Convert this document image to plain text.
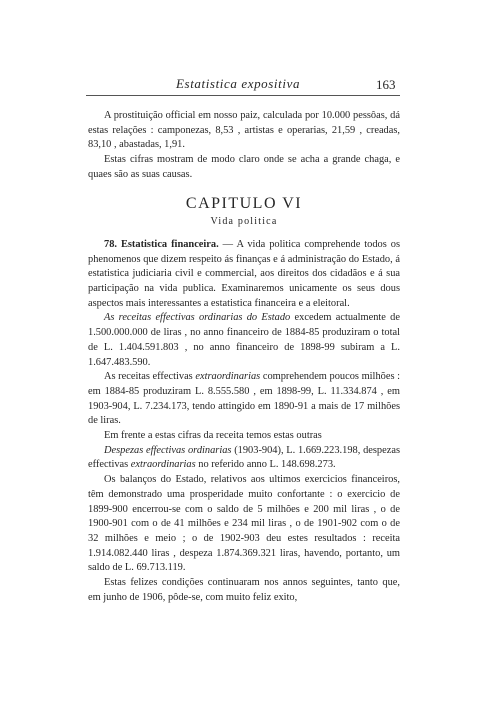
Estatistica expositiva	163

A prostituição official em nosso paiz, calculada por 10.000 pessôas, dá estas relações : camponezas, 8,53 , artistas e operarias, 21,59 , creadas, 83,10 , abastadas, 1,91.

Estas cifras mostram de modo claro onde se acha a grande chaga, e quaes são as suas causas.

CAPITULO VI
Vida politica

78. Estatistica financeira. — A vida politica comprehende todos os phenomenos que dizem respeito ás finanças e á administração do Estado, á estatistica judiciaria civil e commercial, aos direitos dos cidadãos e á sua participação na vida publica. Examinaremos unicamente os seus dous aspectos mais interessantes a estatistica financeira e a eleitoral.

As receitas effectivas ordinarias do Estado excedem actualmente de 1.500.000.000 de liras , no anno financeiro de 1884-85 produziram o total de L. 1.404.591.803 , no anno financeiro de 1898-99 subiram a L. 1.647.483.590.

As receitas effectivas extraordinarias comprehendem poucos milhões : em 1884-85 produziram L. 8.555.580 , em 1898-99, L. 11.334.874 , em 1903-904, L. 7.234.173, tendo attingido em 1890-91 a mais de 17 milhões de liras.

Em frente a estas cifras da receita temos estas outras

Despezas effectivas ordinarias (1903-904), L. 1.669.223.198, despezas effectivas extraordinarias no referido anno L. 148.698.273.

Os balanços do Estado, relativos aos ultimos exercicios financeiros, têm demonstrado uma prosperidade muito confortante : o exercicio de 1899-900 encerrou-se com o saldo de 5 milhões e 200 mil liras , o de 1900-901 com o de 41 milhões e 234 mil liras , o de 1901-902 com o de 32 milhões e meio ; o de 1902-903 deu estes resultados : receita 1.914.082.440 liras , despeza 1.874.369.321 liras, havendo, portanto, um saldo de L. 69.713.119.

Estas felizes condições continuaram nos annos seguintes, tanto que, em junho de 1906, pôde-se, com muito feliz exito,
